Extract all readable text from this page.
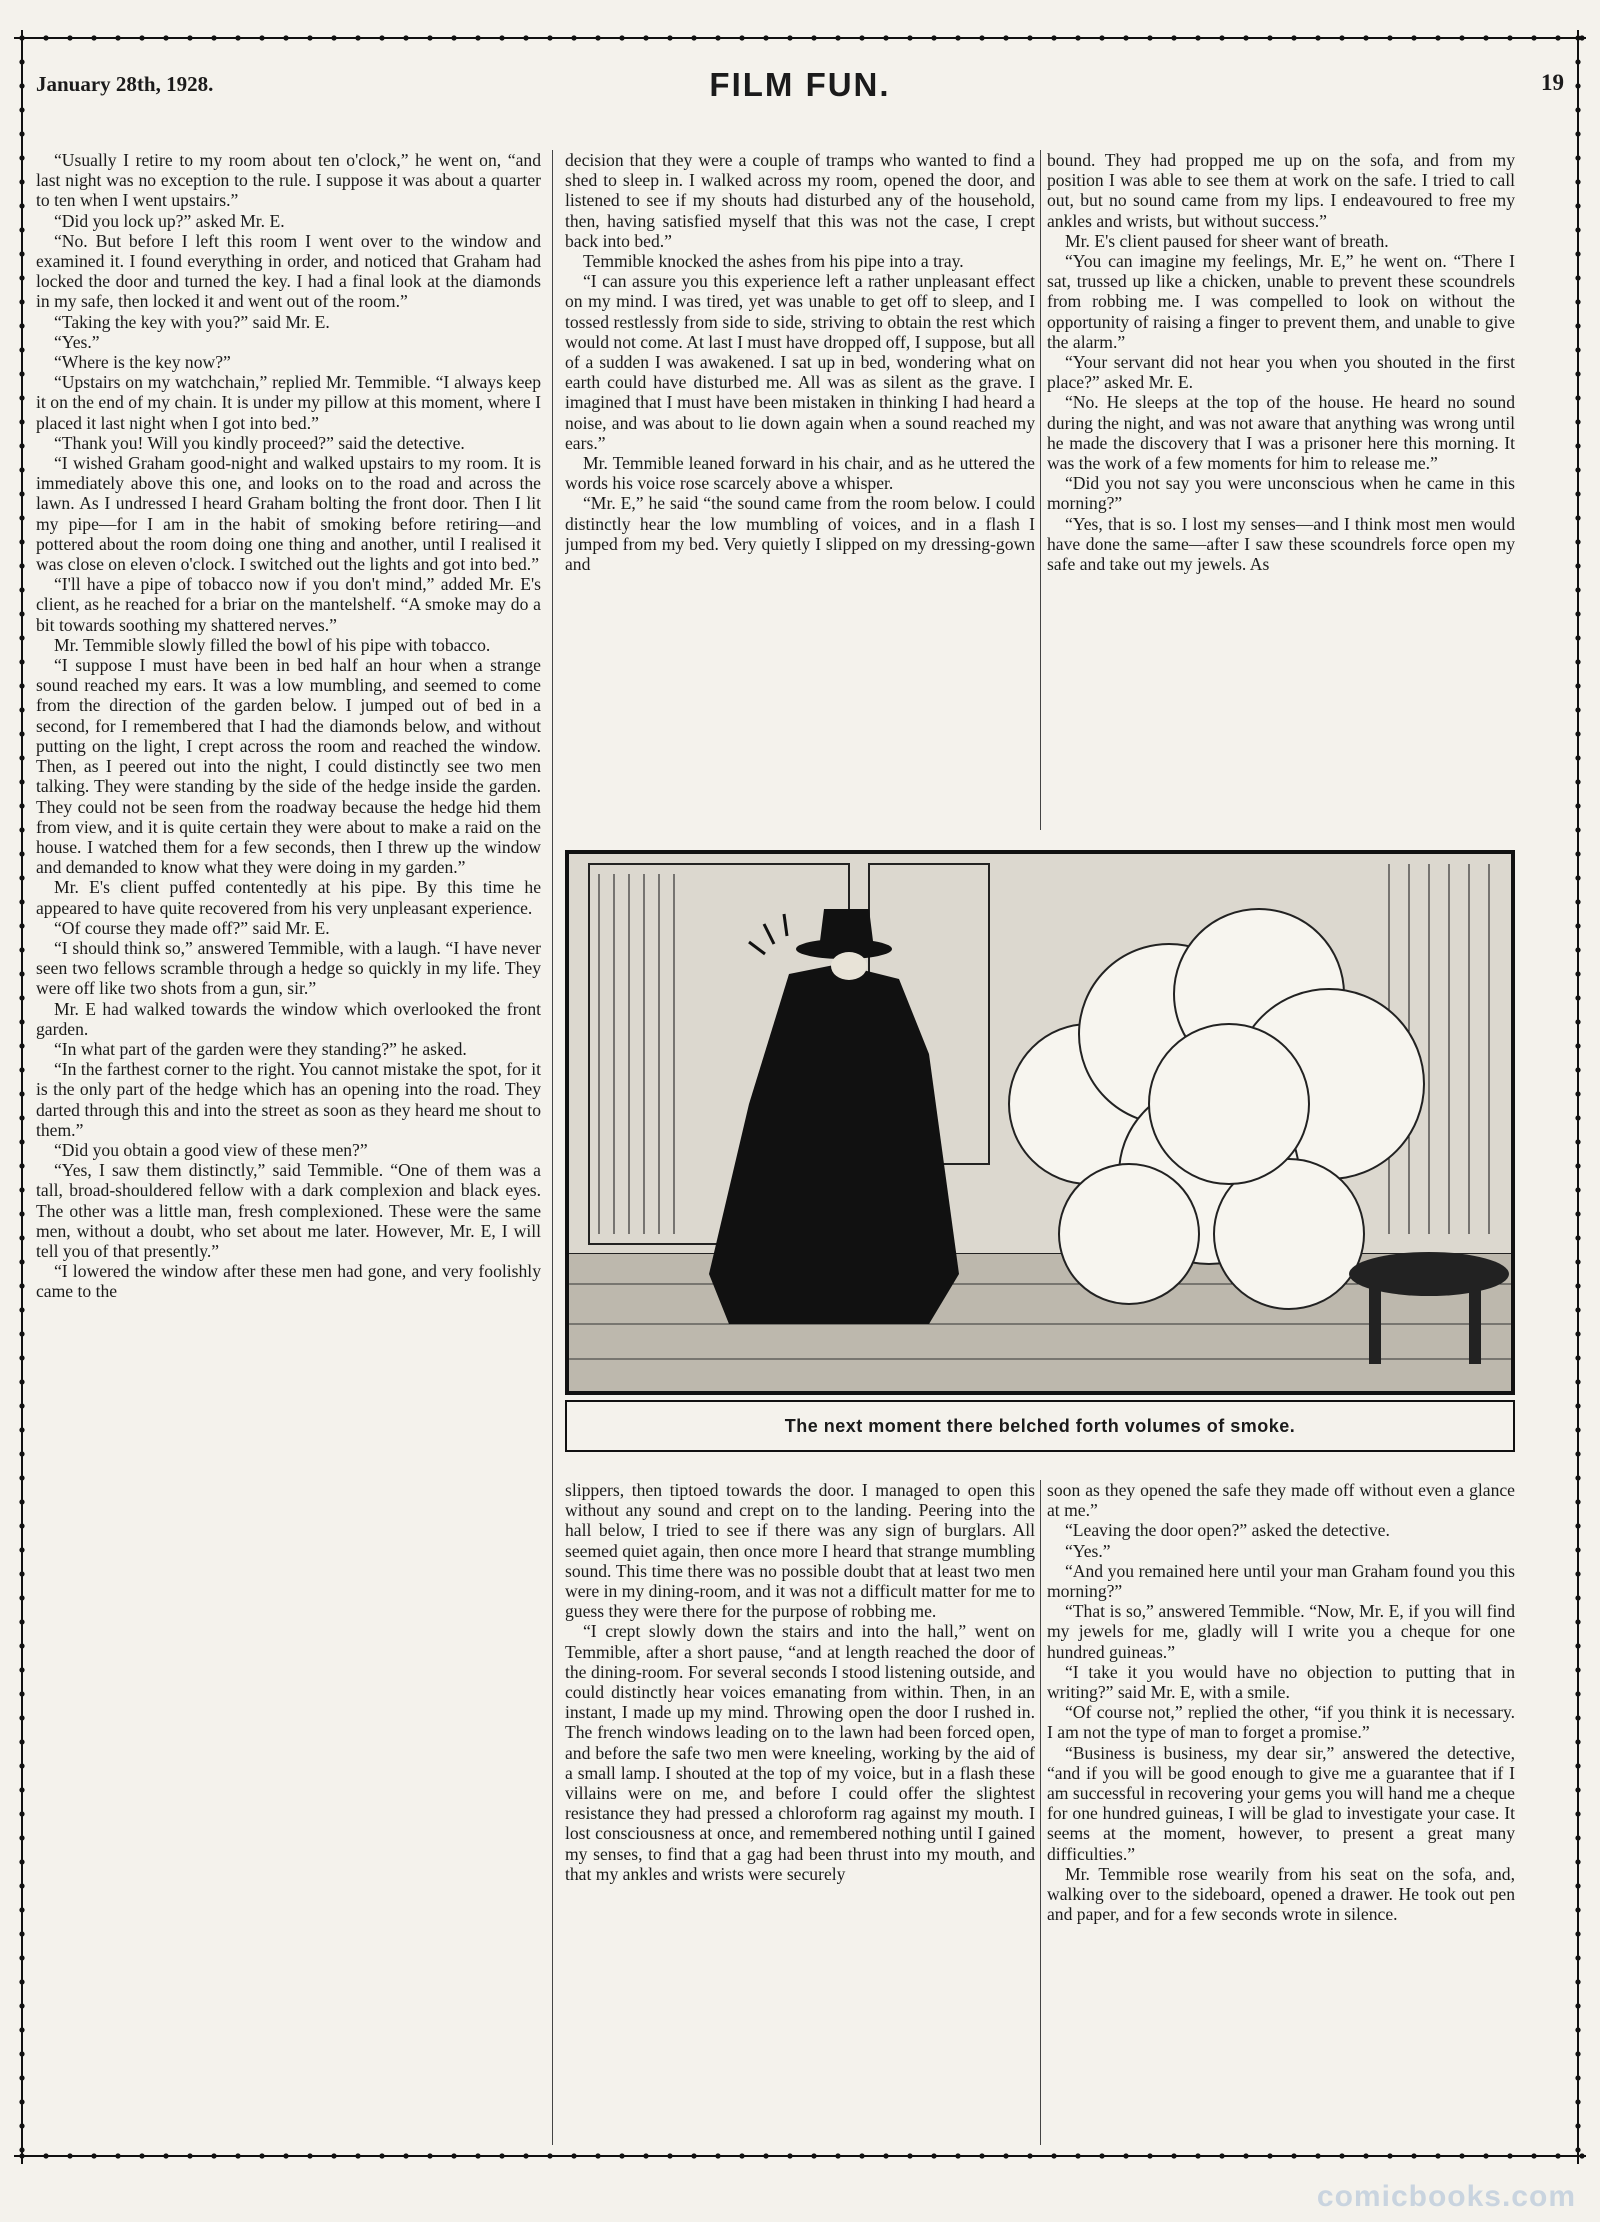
January 28th, 1928.	FILM FUN.	19

“Usually I retire to my room about ten o'clock,” he went on, “and last night was no exception to the rule. I suppose it was about a quarter to ten when I went upstairs.”

“Did you lock up?” asked Mr. E.

“No. But before I left this room I went over to the window and examined it. I found everything in order, and noticed that Graham had locked the door and turned the key. I had a final look at the diamonds in my safe, then locked it and went out of the room.”

“Taking the key with you?” said Mr. E.

“Yes.”

“Where is the key now?”

“Upstairs on my watchchain,” replied Mr. Temmible. “I always keep it on the end of my chain. It is under my pillow at this moment, where I placed it last night when I got into bed.”

“Thank you! Will you kindly proceed?” said the detective.

“I wished Graham good-night and walked upstairs to my room. It is immediately above this one, and looks on to the road and across the lawn. As I undressed I heard Graham bolting the front door. Then I lit my pipe—for I am in the habit of smoking before retiring—and pottered about the room doing one thing and another, until I realised it was close on eleven o'clock. I switched out the lights and got into bed.”

“I'll have a pipe of tobacco now if you don't mind,” added Mr. E's client, as he reached for a briar on the mantelshelf. “A smoke may do a bit towards soothing my shattered nerves.”

Mr. Temmible slowly filled the bowl of his pipe with tobacco.

“I suppose I must have been in bed half an hour when a strange sound reached my ears. It was a low mumbling, and seemed to come from the direction of the garden below. I jumped out of bed in a second, for I remembered that I had the diamonds below, and without putting on the light, I crept across the room and reached the window. Then, as I peered out into the night, I could distinctly see two men talking. They were standing by the side of the hedge inside the garden. They could not be seen from the roadway because the hedge hid them from view, and it is quite certain they were about to make a raid on the house. I watched them for a few seconds, then I threw up the window and demanded to know what they were doing in my garden.”

Mr. E's client puffed contentedly at his pipe. By this time he appeared to have quite recovered from his very unpleasant experience.

“Of course they made off?” said Mr. E.

“I should think so,” answered Temmible, with a laugh. “I have never seen two fellows scramble through a hedge so quickly in my life. They were off like two shots from a gun, sir.”

Mr. E had walked towards the window which overlooked the front garden.

“In what part of the garden were they standing?” he asked.

“In the farthest corner to the right. You cannot mistake the spot, for it is the only part of the hedge which has an opening into the road. They darted through this and into the street as soon as they heard me shout to them.”

“Did you obtain a good view of these men?”

“Yes, I saw them distinctly,” said Temmible. “One of them was a tall, broad-shouldered fellow with a dark complexion and black eyes. The other was a little man, fresh complexioned. These were the same men, without a doubt, who set about me later. However, Mr. E, I will tell you of that presently.”

“I lowered the window after these men had gone, and very foolishly came to the

decision that they were a couple of tramps who wanted to find a shed to sleep in. I walked across my room, opened the door, and listened to see if my shouts had disturbed any of the household, then, having satisfied myself that this was not the case, I crept back into bed.”

Temmible knocked the ashes from his pipe into a tray.

“I can assure you this experience left a rather unpleasant effect on my mind. I was tired, yet was unable to get off to sleep, and I tossed restlessly from side to side, striving to obtain the rest which would not come. At last I must have dropped off, I suppose, but all of a sudden I was awakened. I sat up in bed, wondering what on earth could have disturbed me. All was as silent as the grave. I imagined that I must have been mistaken in thinking I had heard a noise, and was about to lie down again when a sound reached my ears.”

Mr. Temmible leaned forward in his chair, and as he uttered the words his voice rose scarcely above a whisper.

“Mr. E,” he said “the sound came from the room below. I could distinctly hear the low mumbling of voices, and in a flash I jumped from my bed. Very quietly I slipped on my dressing-gown and

bound. They had propped me up on the sofa, and from my position I was able to see them at work on the safe. I tried to call out, but no sound came from my lips. I endeavoured to free my ankles and wrists, but without success.”

Mr. E's client paused for sheer want of breath.

“You can imagine my feelings, Mr. E,” he went on. “There I sat, trussed up like a chicken, unable to prevent these scoundrels from robbing me. I was compelled to look on without the opportunity of raising a finger to prevent them, and unable to give the alarm.”

“Your servant did not hear you when you shouted in the first place?” asked Mr. E.

“No. He sleeps at the top of the house. He heard no sound during the night, and was not aware that anything was wrong until he made the discovery that I was a prisoner here this morning. It was the work of a few moments for him to release me.”

“Did you not say you were unconscious when he came in this morning?”

“Yes, that is so. I lost my senses—and I think most men would have done the same—after I saw these scoundrels force open my safe and take out my jewels. As

The next moment there belched forth volumes of smoke.

slippers, then tiptoed towards the door. I managed to open this without any sound and crept on to the landing. Peering into the hall below, I tried to see if there was any sign of burglars. All seemed quiet again, then once more I heard that strange mumbling sound. This time there was no possible doubt that at least two men were in my dining-room, and it was not a difficult matter for me to guess they were there for the purpose of robbing me.

“I crept slowly down the stairs and into the hall,” went on Temmible, after a short pause, “and at length reached the door of the dining-room. For several seconds I stood listening outside, and could distinctly hear voices emanating from within. Then, in an instant, I made up my mind. Throwing open the door I rushed in. The french windows leading on to the lawn had been forced open, and before the safe two men were kneeling, working by the aid of a small lamp. I shouted at the top of my voice, but in a flash these villains were on me, and before I could offer the slightest resistance they had pressed a chloroform rag against my mouth. I lost consciousness at once, and remembered nothing until I gained my senses, to find that a gag had been thrust into my mouth, and that my ankles and wrists were securely

soon as they opened the safe they made off without even a glance at me.”

“Leaving the door open?” asked the detective.

“Yes.”

“And you remained here until your man Graham found you this morning?”

“That is so,” answered Temmible. “Now, Mr. E, if you will find my jewels for me, gladly will I write you a cheque for one hundred guineas.”

“I take it you would have no objection to putting that in writing?” said Mr. E, with a smile.

“Of course not,” replied the other, “if you think it is necessary. I am not the type of man to forget a promise.”

“Business is business, my dear sir,” answered the detective, “and if you will be good enough to give me a guarantee that if I am successful in recovering your gems you will hand me a cheque for one hundred guineas, I will be glad to investigate your case. It seems at the moment, however, to present a great many difficulties.”

Mr. Temmible rose wearily from his seat on the sofa, and, walking over to the sideboard, opened a drawer. He took out pen and paper, and for a few seconds wrote in silence.

comicbooks.com
